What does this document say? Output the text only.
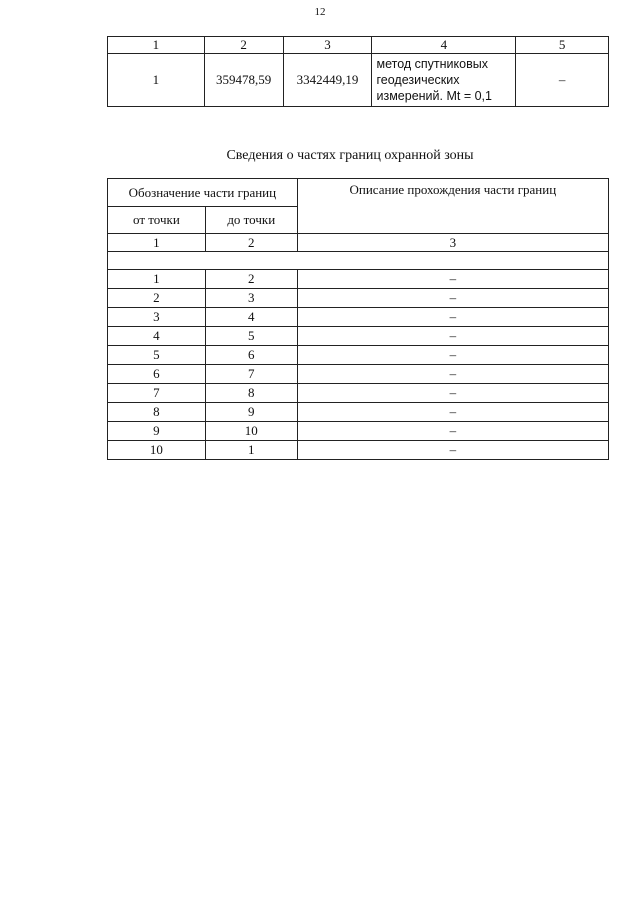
12
1	2	3	4	5
1	359478,59	3342449,19	метод спутниковых
геодезических
измерений. Mt = 0,1	–
Сведения о частях границ охранной зоны
Обозначение части границ		Описание прохождения части границ
от точки	до точки	
1	2	3

1	2	–
2	3	–
3	4	–
4	5	–
5	6	–
6	7	–
7	8	–
8	9	–
9	10	–
10	1	–
